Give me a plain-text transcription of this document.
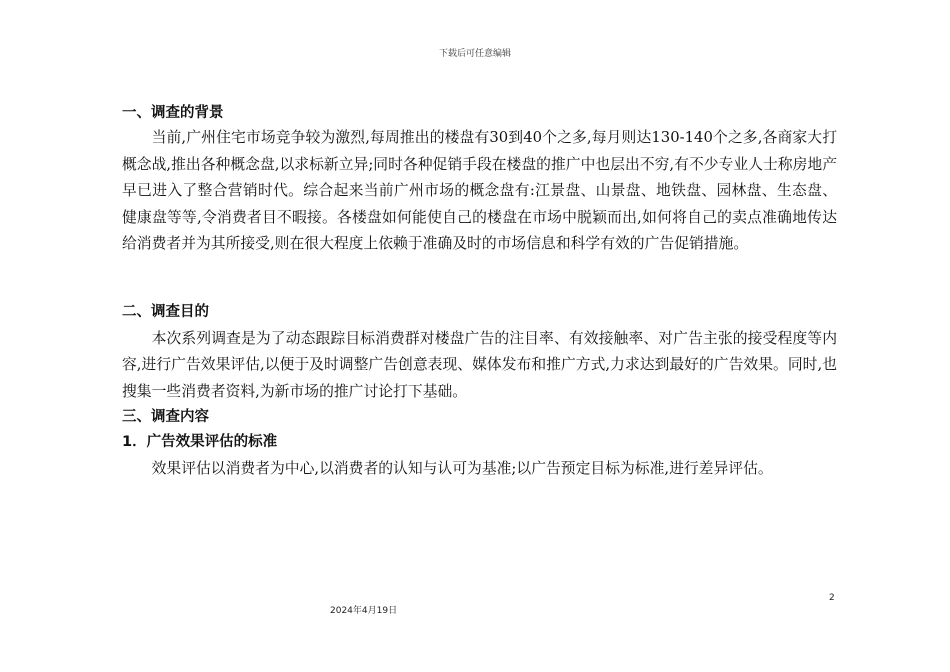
下载后可任意编辑
一、调查的背景
当前,广州住宅市场竞争较为激烈,每周推出的楼盘有30到40个之多,每月则达130-140个之多,各商家大打概念战,推出各种概念盘,以求标新立异;同时各种促销手段在楼盘的推广中也层出不穷,有不少专业人士称房地产早已进入了整合营销时代。综合起来当前广州市场的概念盘有:江景盘、山景盘、地铁盘、园林盘、生态盘、健康盘等等,令消费者目不暇接。各楼盘如何能使自己的楼盘在市场中脱颖而出,如何将自己的卖点准确地传达给消费者并为其所接受,则在很大程度上依赖于准确及时的市场信息和科学有效的广告促销措施。
二、调查目的
本次系列调查是为了动态跟踪目标消费群对楼盘广告的注目率、有效接触率、对广告主张的接受程度等内容,进行广告效果评估,以便于及时调整广告创意表现、媒体发布和推广方式,力求达到最好的广告效果。同时,也搜集一些消费者资料,为新市场的推广讨论打下基础。
三、调查内容
1．广告效果评估的标准
效果评估以消费者为中心,以消费者的认知与认可为基准;以广告预定目标为标准,进行差异评估。
2
2024年4月19日
